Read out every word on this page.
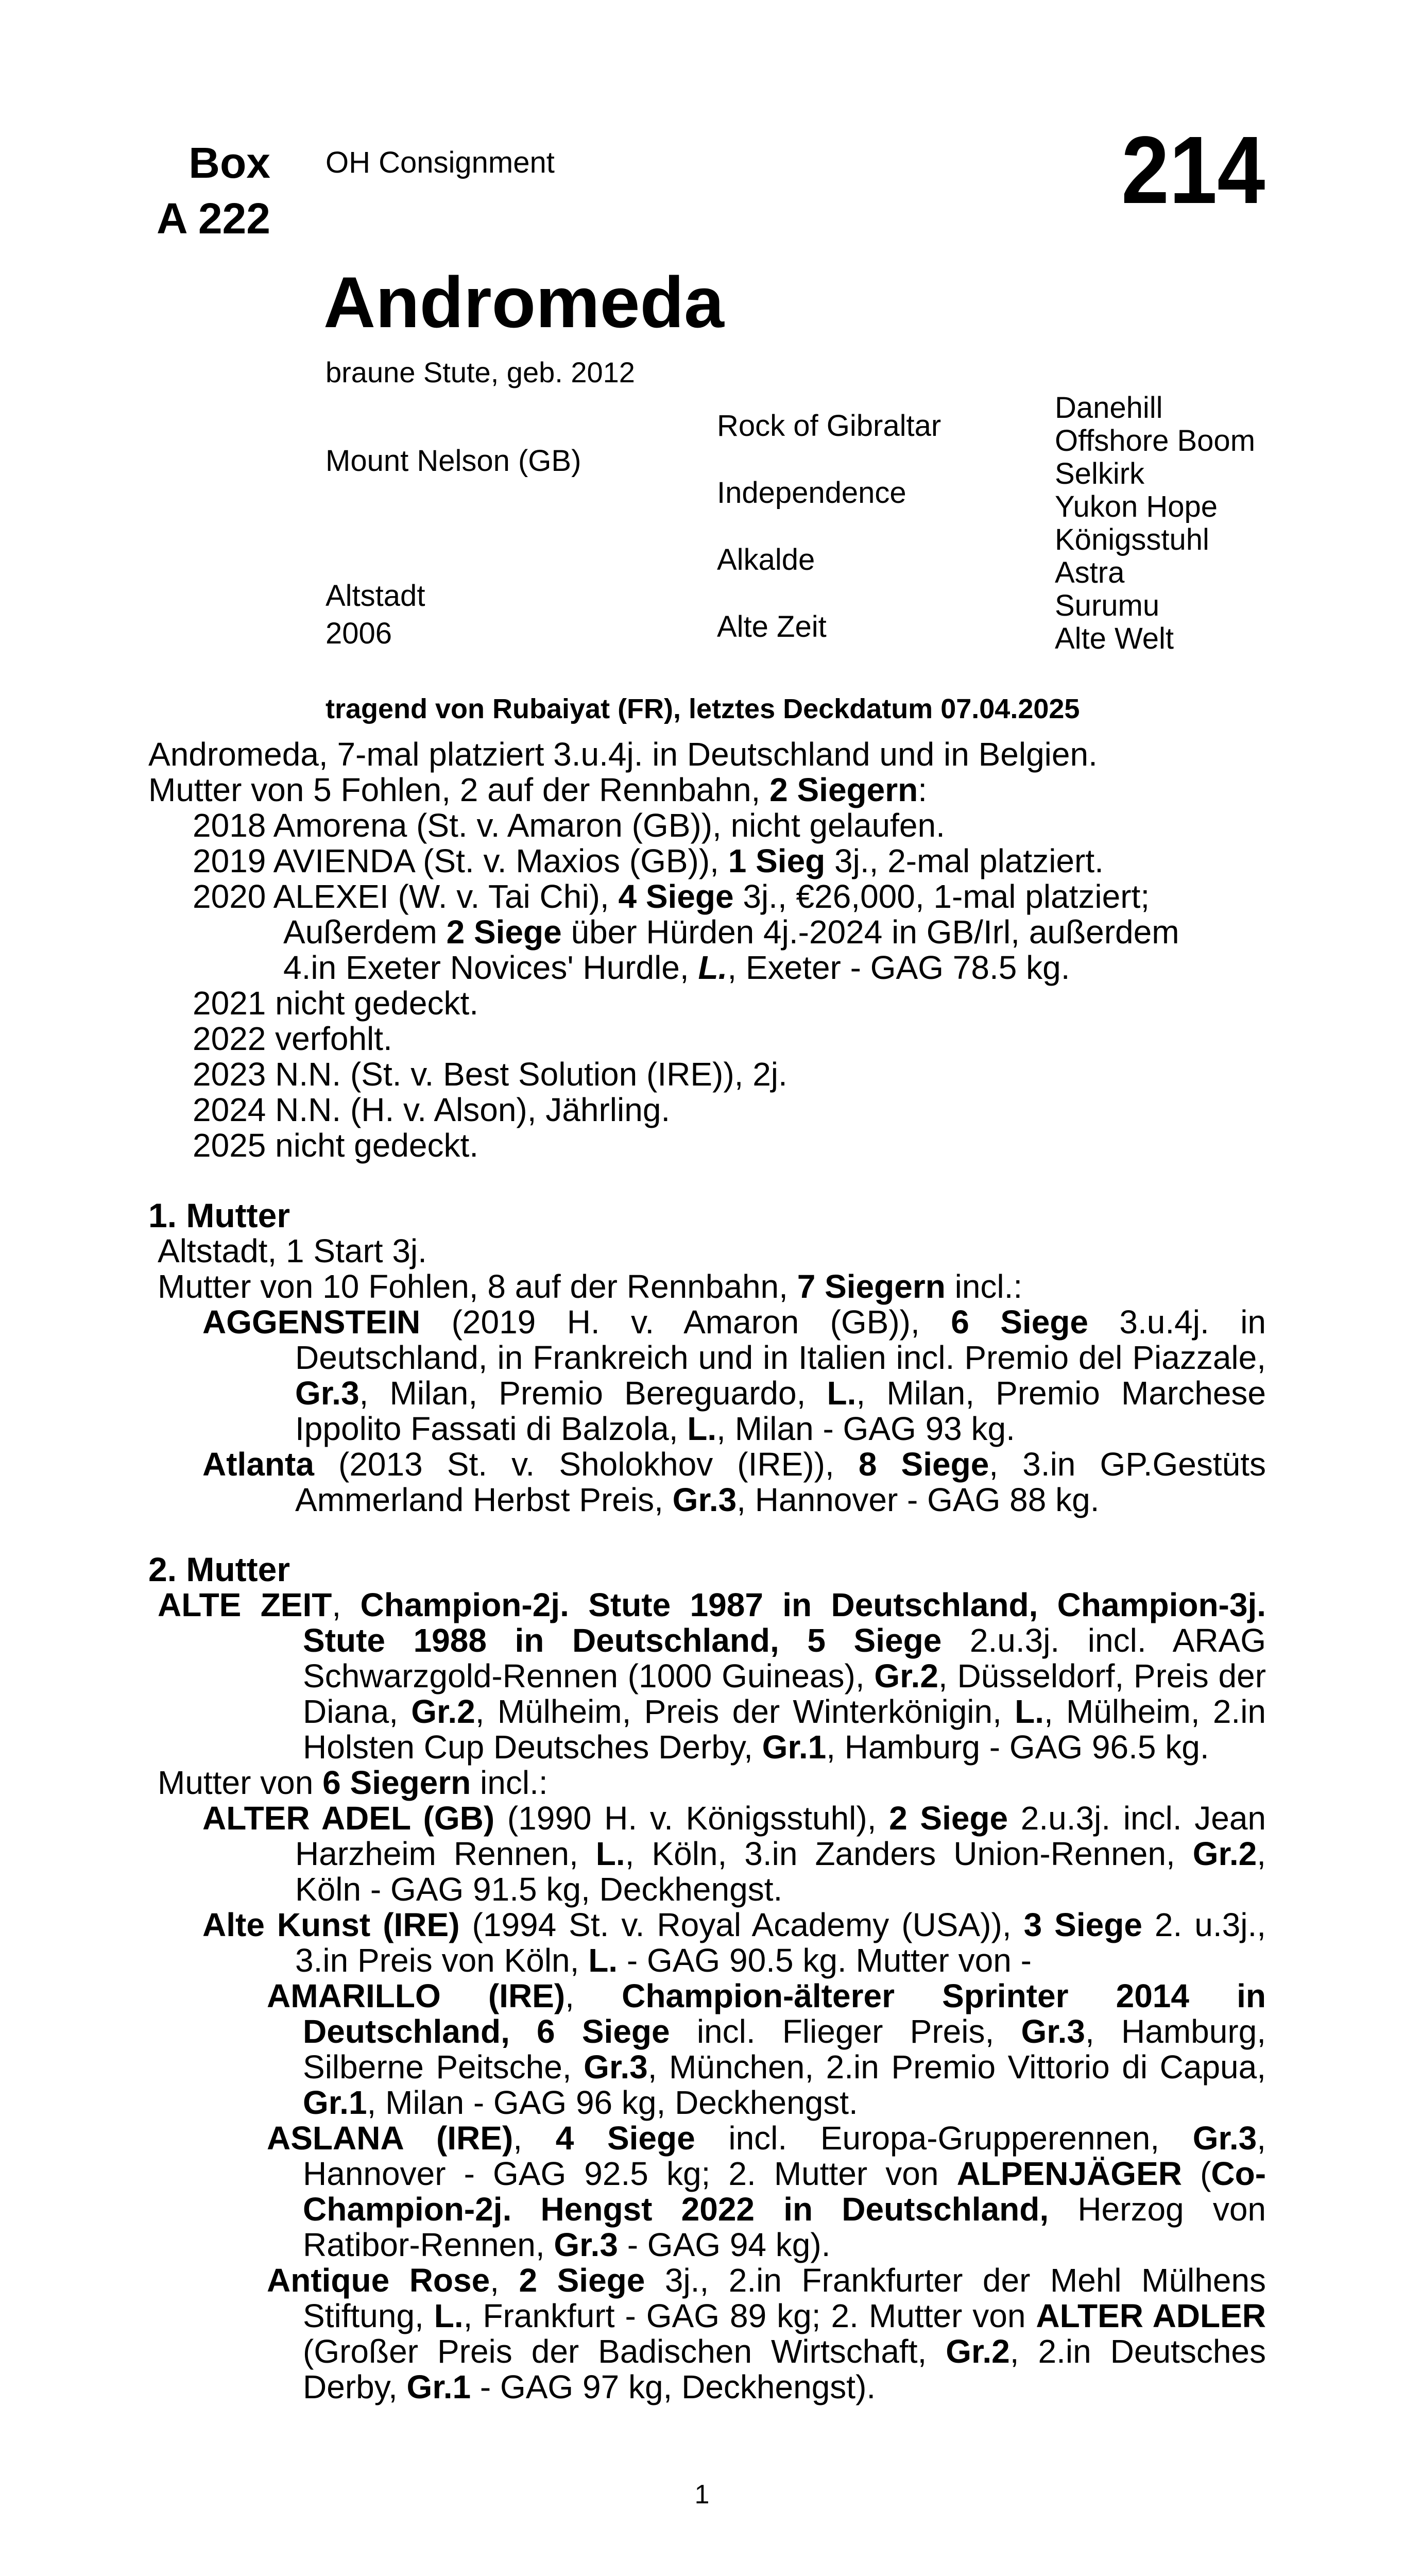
Box
A 222
OH Consignment	214
Andromeda
braune Stute, geb. 2012
Mount Nelson (GB)
Altstadt
2006
Rock of Gibraltar
Independence
Alkalde
Alte Zeit
Danehill
Offshore Boom
Selkirk
Yukon Hope
Königsstuhl
Astra
Surumu
Alte Welt
tragend von Rubaiyat (FR), letztes Deckdatum 07.04.2025
Andromeda, 7-mal platziert 3.u.4j. in Deutschland und in Belgien.
Mutter von 5 Fohlen, 2 auf der Rennbahn, 2 Siegern:
2018 Amorena (St. v. Amaron (GB)), nicht gelaufen.
2019 AVIENDA (St. v. Maxios (GB)), 1 Sieg 3j., 2-mal platziert.
2020 ALEXEI (W. v. Tai Chi), 4 Siege 3j., €26,000, 1-mal platziert;
Außerdem 2 Siege über Hürden 4j.-2024 in GB/Irl, außerdem
4.in Exeter Novices' Hurdle, L., Exeter - GAG 78.5 kg.
2021 nicht gedeckt.
2022 verfohlt.
2023 N.N. (St. v. Best Solution (IRE)), 2j.
2024 N.N. (H. v. Alson), Jährling.
2025 nicht gedeckt.
1. Mutter
Altstadt, 1 Start 3j.
Mutter von 10 Fohlen, 8 auf der Rennbahn, 7 Siegern incl.:
AGGENSTEIN (2019 H. v. Amaron (GB)), 6 Siege 3.u.4j. in Deutschland, in Frankreich und in Italien incl. Premio del Piazzale, Gr.3, Milan, Premio Bereguardo, L., Milan, Premio Marchese Ippolito Fassati di Balzola, L., Milan - GAG 93 kg.
Atlanta (2013 St. v. Sholokhov (IRE)), 8 Siege, 3.in GP.Gestüts Ammerland Herbst Preis, Gr.3, Hannover - GAG 88 kg.
2. Mutter
ALTE ZEIT, Champion-2j. Stute 1987 in Deutschland, Champion-3j. Stute 1988 in Deutschland, 5 Siege 2.u.3j. incl. ARAG Schwarzgold-Rennen (1000 Guineas), Gr.2, Düsseldorf, Preis der Diana, Gr.2, Mülheim, Preis der Winterkönigin, L., Mülheim, 2.in Holsten Cup Deutsches Derby, Gr.1, Hamburg - GAG 96.5 kg.
Mutter von 6 Siegern incl.:
ALTER ADEL (GB) (1990 H. v. Königsstuhl), 2 Siege 2.u.3j. incl. Jean Harzheim Rennen, L., Köln, 3.in Zanders Union-Rennen, Gr.2, Köln - GAG 91.5 kg, Deckhengst.
Alte Kunst (IRE) (1994 St. v. Royal Academy (USA)), 3 Siege 2. u.3j., 3.in Preis von Köln, L. - GAG 90.5 kg. Mutter von -
AMARILLO (IRE), Champion-älterer Sprinter 2014 in Deutschland, 6 Siege incl. Flieger Preis, Gr.3, Hamburg, Silberne Peitsche, Gr.3, München, 2.in Premio Vittorio di Capua, Gr.1, Milan - GAG 96 kg, Deckhengst.
ASLANA (IRE), 4 Siege incl. Europa-Grupperennen, Gr.3, Hannover - GAG 92.5 kg; 2. Mutter von ALPENJÄGER (Co-Champion-2j. Hengst 2022 in Deutschland, Herzog von Ratibor-Rennen, Gr.3 - GAG 94 kg).
Antique Rose, 2 Siege 3j., 2.in Frankfurter der Mehl Mülhens Stiftung, L., Frankfurt - GAG 89 kg; 2. Mutter von ALTER ADLER (Großer Preis der Badischen Wirtschaft, Gr.2, 2.in Deutsches Derby, Gr.1 - GAG 97 kg, Deckhengst).
1
